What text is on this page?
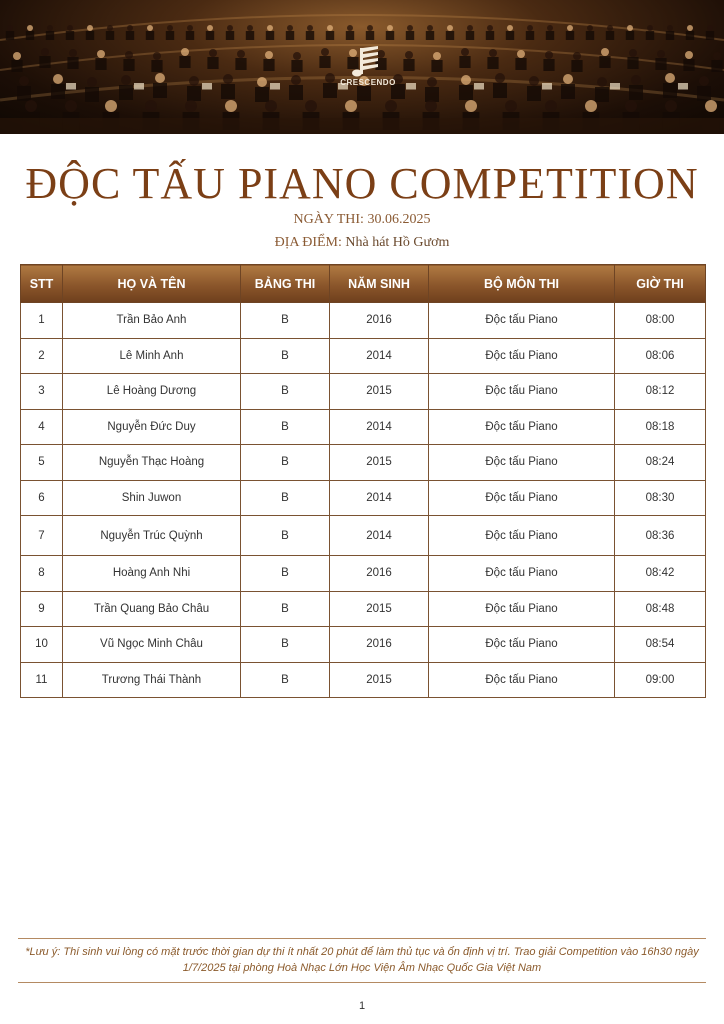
CRESCENDO
ĐỘC TẤU PIANO COMPETITION
NGÀY THI: 30.06.2025
ĐỊA ĐIỂM: Nhà hát Hồ Gươm
STT	HỌ VÀ TÊN	BẢNG THI	NĂM SINH	BỘ MÔN THI	GIỜ THI
1	Trần Bảo Anh	B	2016	Độc tấu Piano	08:00
2	Lê Minh Anh	B	2014	Độc tấu Piano	08:06
3	Lê Hoàng Dương	B	2015	Độc tấu Piano	08:12
4	Nguyễn Đức Duy	B	2014	Độc tấu Piano	08:18
5	Nguyễn Thạc Hoàng	B	2015	Độc tấu Piano	08:24
6	Shin Juwon	B	2014	Độc tấu Piano	08:30
7	Nguyễn Trúc Quỳnh	B	2014	Độc tấu Piano	08:36
8	Hoàng Anh Nhi	B	2016	Độc tấu Piano	08:42
9	Trần Quang Bảo Châu	B	2015	Độc tấu Piano	08:48
10	Vũ Ngọc Minh Châu	B	2016	Độc tấu Piano	08:54
11	Trương Thái Thành	B	2015	Độc tấu Piano	09:00
*Lưu ý: Thí sinh vui lòng có mặt trước thời gian dự thi ít nhất 20 phút để làm thủ tục và ổn định vị trí. Trao giải Competition vào 16h30 ngày 1/7/2025 tại phòng Hoà Nhạc Lớn Học Viện Âm Nhạc Quốc Gia Việt Nam
1
